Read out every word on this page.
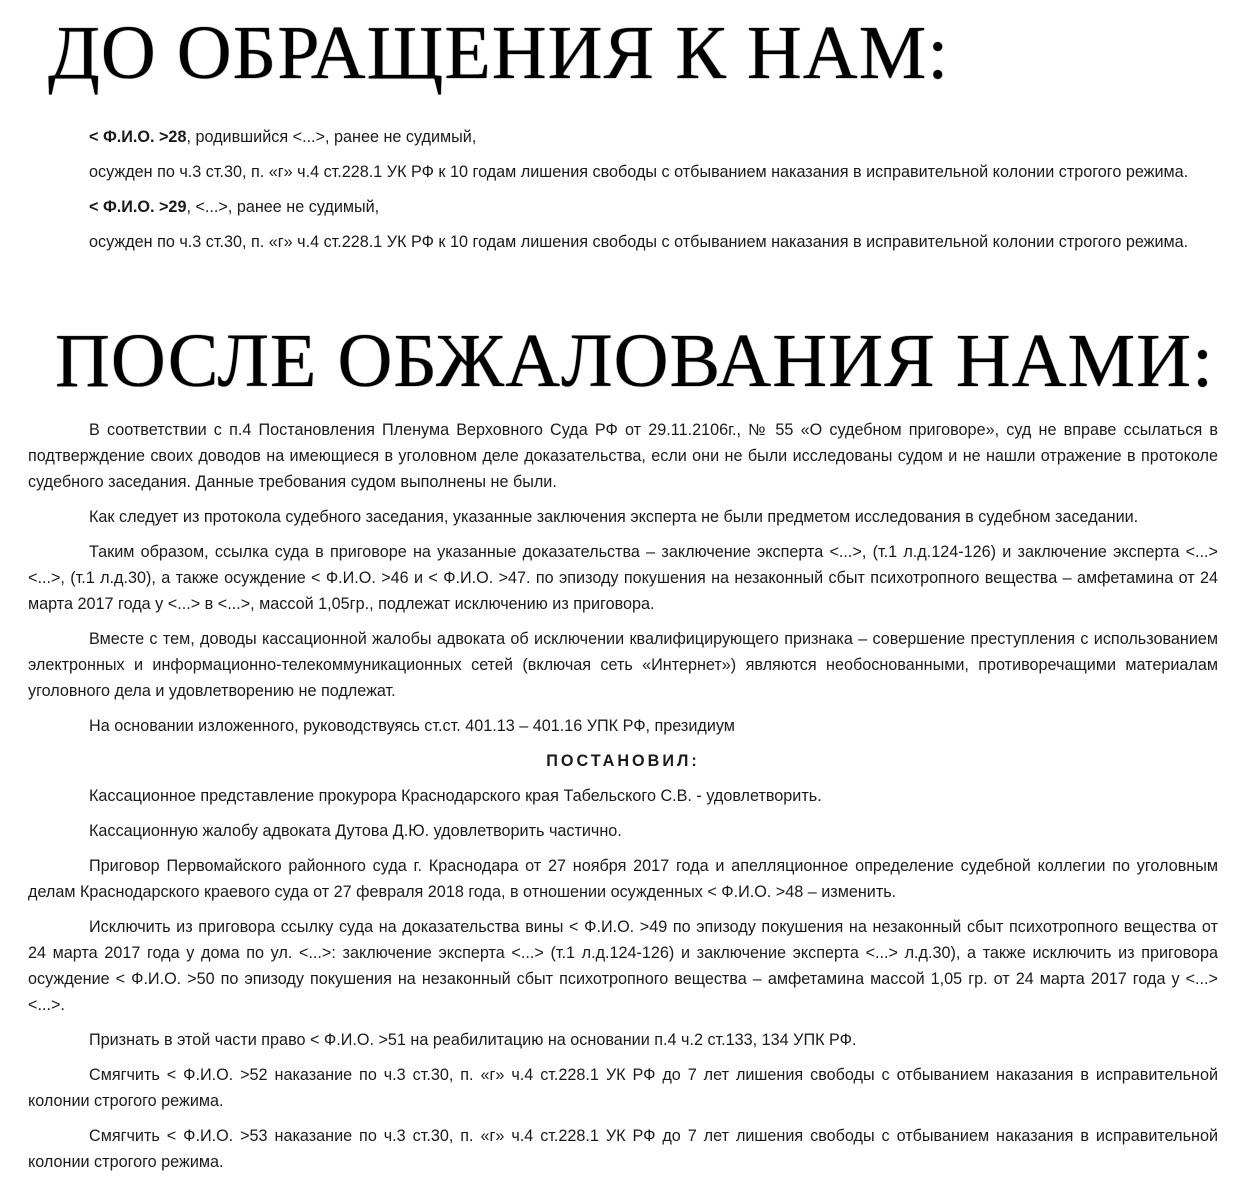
ДО ОБРАЩЕНИЯ К НАМ:

< Ф.И.О. >28, родившийся <...>, ранее не судимый,

осужден по ч.3 ст.30, п. «г» ч.4 ст.228.1 УК РФ к 10 годам лишения свободы с отбыванием наказания в исправительной колонии строгого режима.

< Ф.И.О. >29, <...>, ранее не судимый,

осужден по ч.3 ст.30, п. «г» ч.4 ст.228.1 УК РФ к 10 годам лишения свободы с отбыванием наказания в исправительной колонии строгого режима.

ПОСЛЕ ОБЖАЛОВАНИЯ НАМИ:

В соответствии с п.4 Постановления Пленума Верховного Суда РФ от 29.11.2106г., № 55 «О судебном приговоре», суд не вправе ссылаться в подтверждение своих доводов на имеющиеся в уголовном деле доказательства, если они не были исследованы судом и не нашли отражение в протоколе судебного заседания. Данные требования судом выполнены не были.

Как следует из протокола судебного заседания, указанные заключения эксперта не были предметом исследования в судебном заседании.

Таким образом, ссылка суда в приговоре на указанные доказательства – заключение эксперта <...>, (т.1 л.д.124-126) и заключение эксперта <...> <...>, (т.1 л.д.30), а также осуждение < Ф.И.О. >46 и < Ф.И.О. >47. по эпизоду покушения на незаконный сбыт психотропного вещества – амфетамина от 24 марта 2017 года у <...> в <...>, массой 1,05гр., подлежат исключению из приговора.

Вместе с тем, доводы кассационной жалобы адвоката об исключении квалифицирующего признака – совершение преступления с использованием электронных и информационно-телекоммуникационных сетей (включая сеть «Интернет») являются необоснованными, противоречащими материалам уголовного дела и удовлетворению не подлежат.

На основании изложенного, руководствуясь ст.ст. 401.13 – 401.16 УПК РФ, президиум

ПОСТАНОВИЛ:

Кассационное представление прокурора Краснодарского края Табельского С.В. - удовлетворить.

Кассационную жалобу адвоката Дутова Д.Ю. удовлетворить частично.

Приговор Первомайского районного суда г. Краснодара от 27 ноября 2017 года и апелляционное определение судебной коллегии по уголовным делам Краснодарского краевого суда от 27 февраля 2018 года, в отношении осужденных < Ф.И.О. >48 – изменить.

Исключить из приговора ссылку суда на доказательства вины < Ф.И.О. >49 по эпизоду покушения на незаконный сбыт психотропного вещества от 24 марта 2017 года у дома по ул. <...>: заключение эксперта <...> (т.1 л.д.124-126) и заключение эксперта <...> л.д.30), а также исключить из приговора осуждение < Ф.И.О. >50 по эпизоду покушения на незаконный сбыт психотропного вещества – амфетамина массой 1,05 гр. от 24 марта 2017 года у <...> <...>.

Признать в этой части право < Ф.И.О. >51 на реабилитацию на основании п.4 ч.2 ст.133, 134 УПК РФ.

Смягчить < Ф.И.О. >52 наказание по ч.3 ст.30, п. «г» ч.4 ст.228.1 УК РФ до 7 лет лишения свободы с отбыванием наказания в исправительной колонии строгого режима.

Смягчить < Ф.И.О. >53 наказание по ч.3 ст.30, п. «г» ч.4 ст.228.1 УК РФ до 7 лет лишения свободы с отбыванием наказания в исправительной колонии строгого режима.
